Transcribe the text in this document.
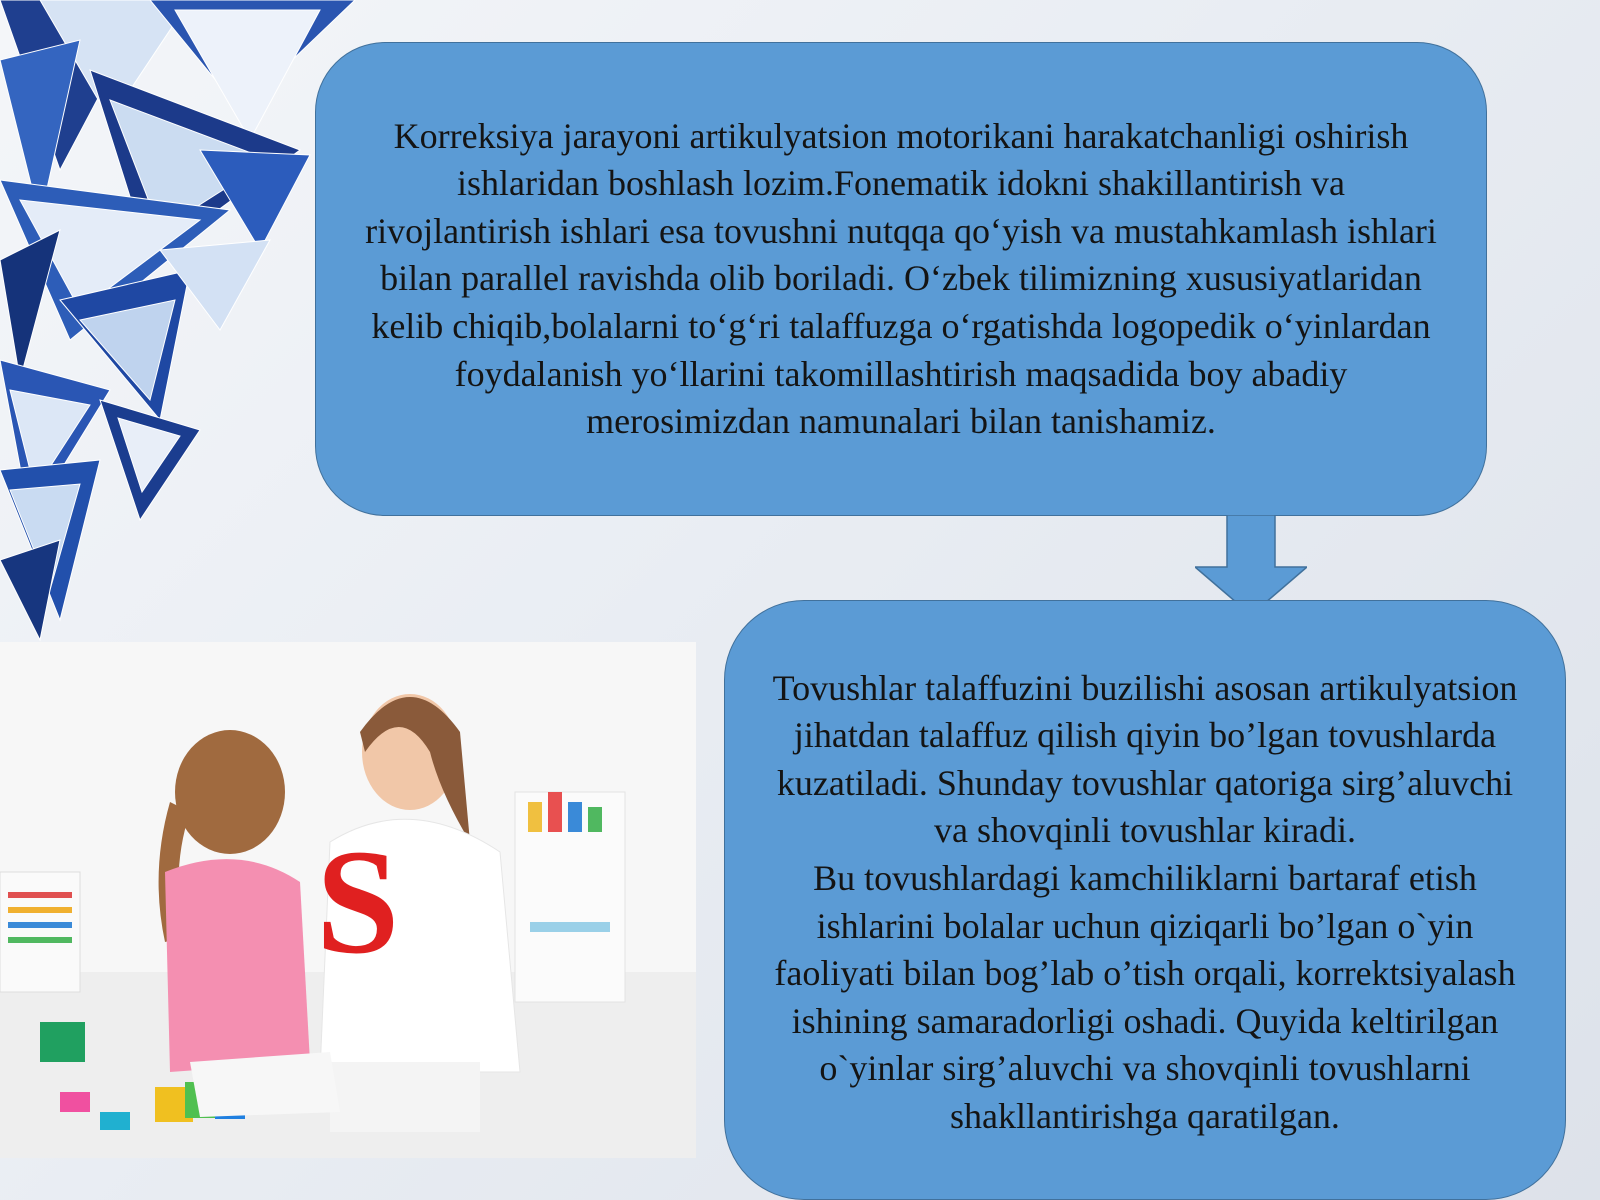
Korreksiya jarayoni artikulyatsion motorikani harakatchanligi oshirish ishlaridan boshlash lozim.Fonematik idokni shakillantirish va rivojlantirish ishlari esa tovushni nutqqa qo‘yish va mustahkamlash ishlari bilan parallel ravishda olib boriladi. O‘zbek tilimizning xususiyatlaridan kelib chiqib,bolalarni to‘g‘ri talaffuzga o‘rgatishda logopedik o‘yinlardan foydalanish yo‘llarini takomillashtirish maqsadida boy abadiy merosimizdan namunalari bilan tanishamiz.

Tovushlar talaffuzini buzilishi asosan artikulyatsion jihatdan talaffuz qilish qiyin bo’lgan tovushlarda kuzatiladi. Shunday tovushlar qatoriga sirg’aluvchi va shovqinli tovushlar kiradi.
Bu tovushlardagi kamchiliklarni bartaraf etish ishlarini bolalar uchun qiziqarli bo’lgan o`yin faoliyati bilan bog’lab o’tish orqali, korrektsiyalash ishining samaradorligi oshadi. Quyida keltirilgan o`yinlar sirg’aluvchi va shovqinli tovushlarni shakllantirishga qaratilgan.

S
